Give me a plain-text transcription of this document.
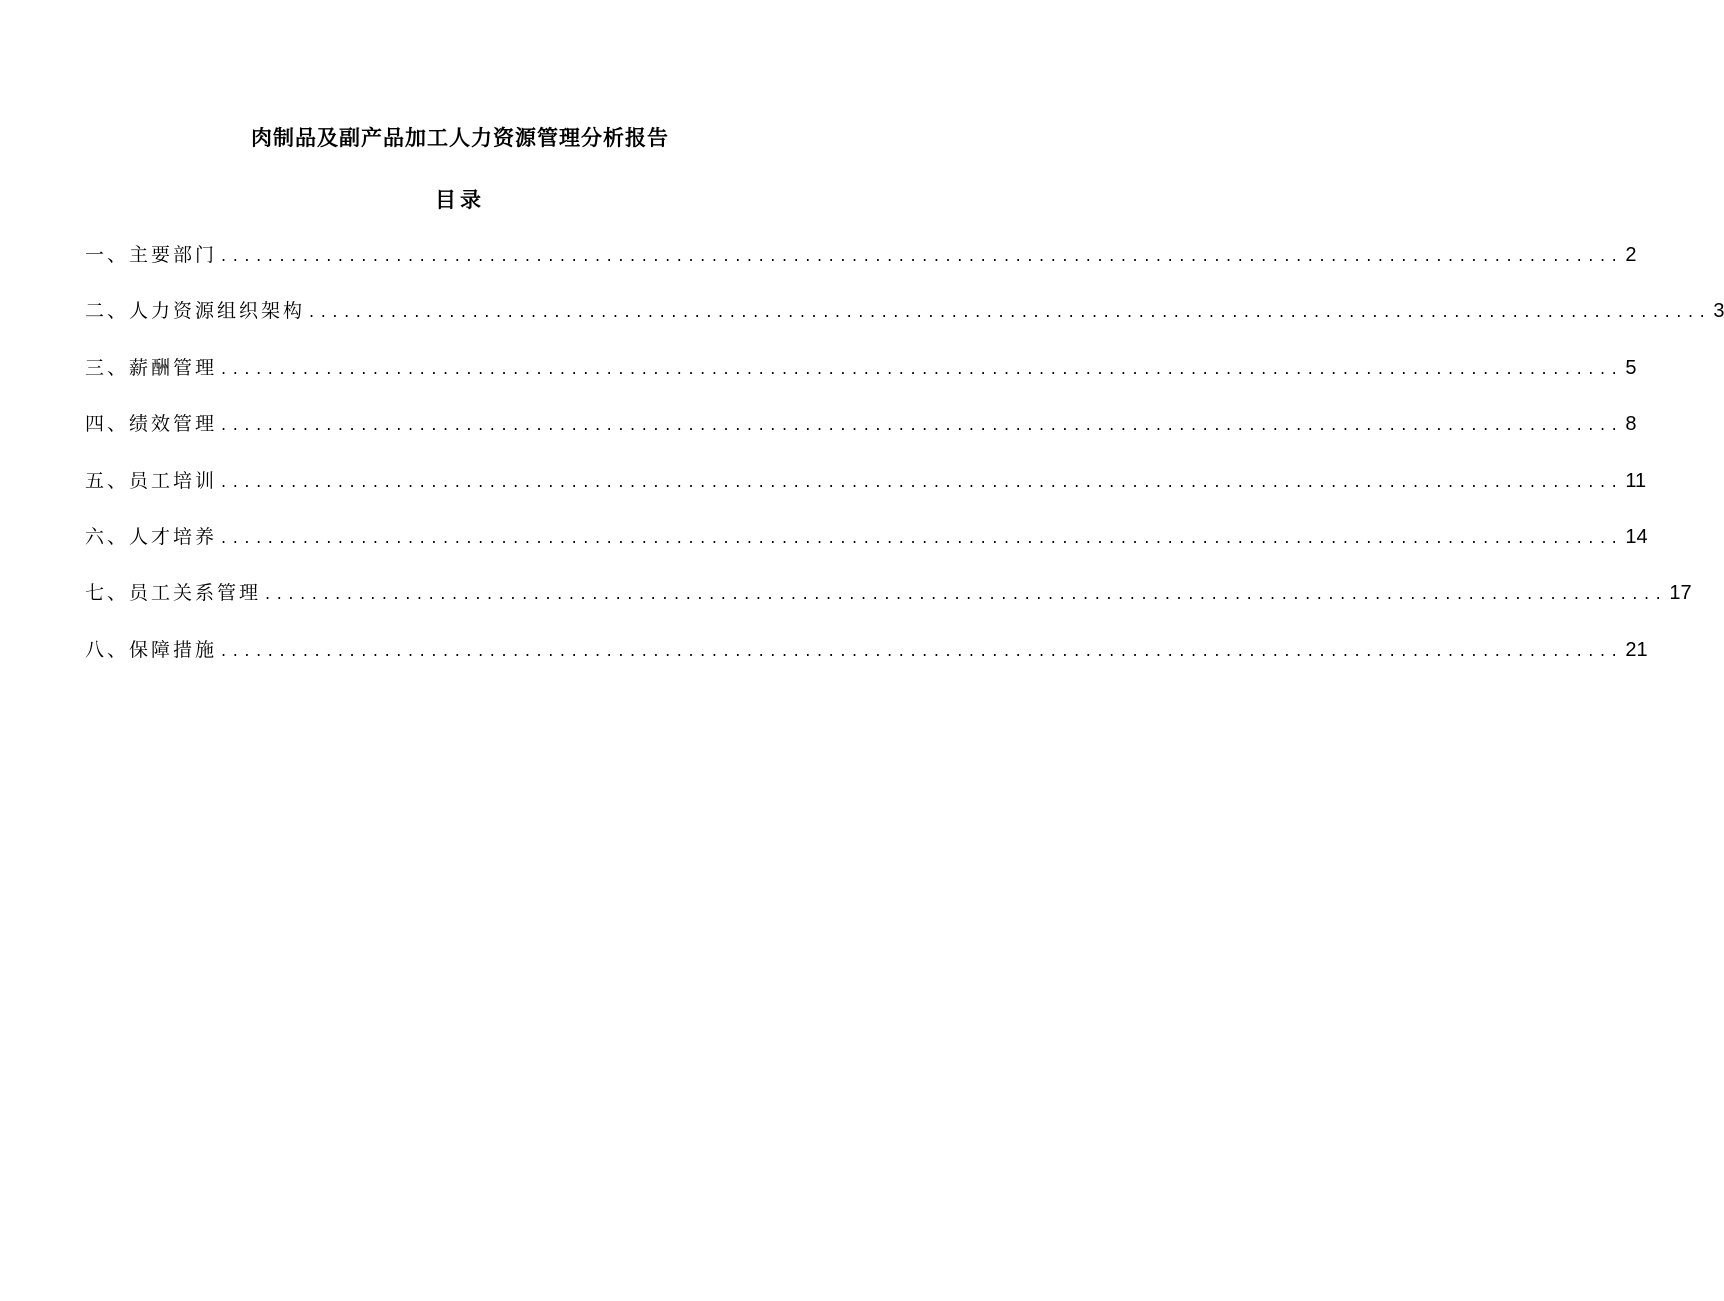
肉制品及副产品加工人力资源管理分析报告
目录
一、主要部门 ........................................................................................................................ 2
二、人力资源组织架构 ........................................................................................................................ 3
三、薪酬管理 ........................................................................................................................ 5
四、绩效管理 ........................................................................................................................ 8
五、员工培训 ........................................................................................................................ 11
六、人才培养 ........................................................................................................................ 14
七、员工关系管理 ........................................................................................................................ 17
八、保障措施 ........................................................................................................................ 21
